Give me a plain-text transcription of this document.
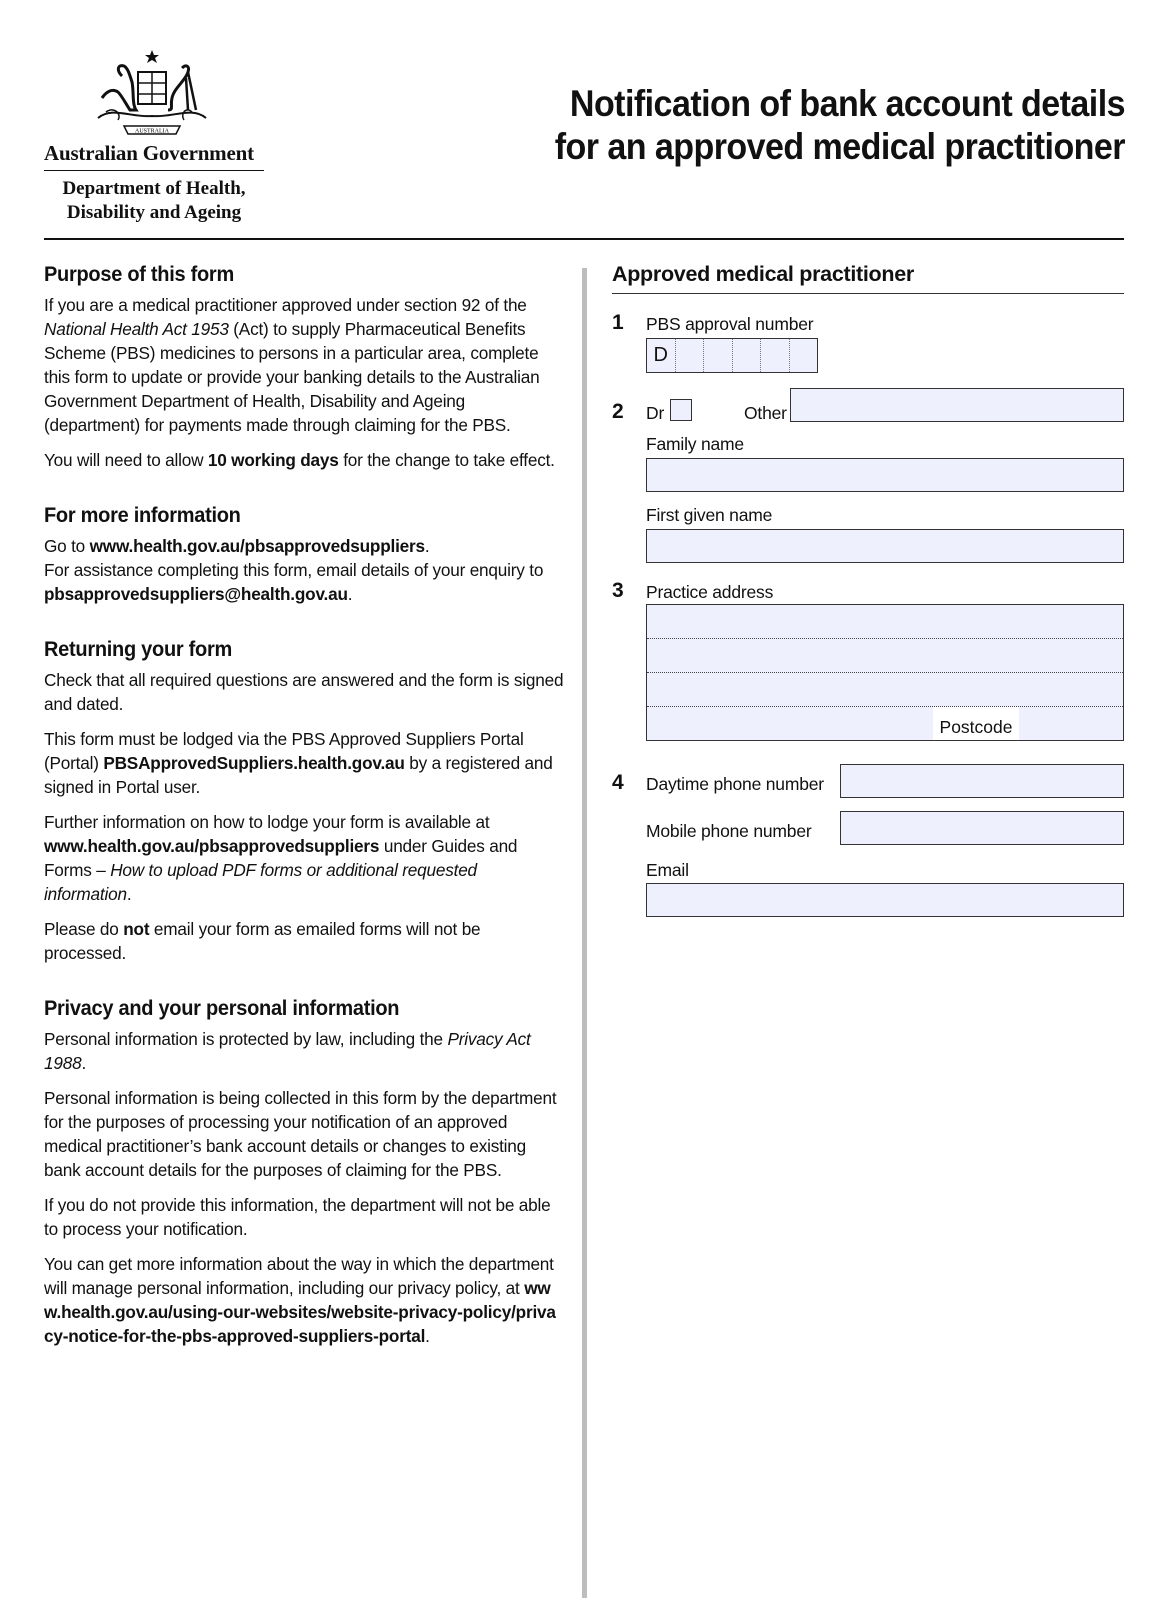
AUSTRALIA
Australian Government
Department of Health,
Disability and Ageing
Notification of bank account details
for an approved medical practitioner
Purpose of this form

If you are a medical practitioner approved under section 92 of the National Health Act 1953 (Act) to supply Pharmaceutical Benefits Scheme (PBS) medicines to persons in a particular area, complete this form to update or provide your banking details to the Australian Government Department of Health, Disability and Ageing (department) for payments made through claiming for the PBS.

You will need to allow 10 working days for the change to take effect.

For more information

Go to www.health.gov.au/pbsapprovedsuppliers.
For assistance completing this form, email details of your enquiry to pbsapprovedsuppliers@health.gov.au.

Returning your form

Check that all required questions are answered and the form is signed and dated.

This form must be lodged via the PBS Approved Suppliers Portal (Portal) PBSApprovedSuppliers.health.gov.au by a registered and signed in Portal user.

Further information on how to lodge your form is available at www.health.gov.au/pbsapprovedsuppliers under Guides and Forms – How to upload PDF forms or additional requested information.

Please do not email your form as emailed forms will not be processed.

Privacy and your personal information

Personal information is protected by law, including the Privacy Act 1988.

Personal information is being collected in this form by the department for the purposes of processing your notification of an approved medical practitioner’s bank account details or changes to existing bank account details for the purposes of claiming for the PBS.

If you do not provide this information, the department will not be able to process your notification.

You can get more information about the way in which the department will manage personal information, including our privacy policy, at www.health.gov.au/using-our-websites/website-privacy-policy/privacy-notice-for-the-pbs-approved-suppliers-portal.

Approved medical practitioner
1 PBS approval number
D
2 Dr	Other
Family name
First given name
3 Practice address
Postcode
4 Daytime phone number
Mobile phone number
Email
